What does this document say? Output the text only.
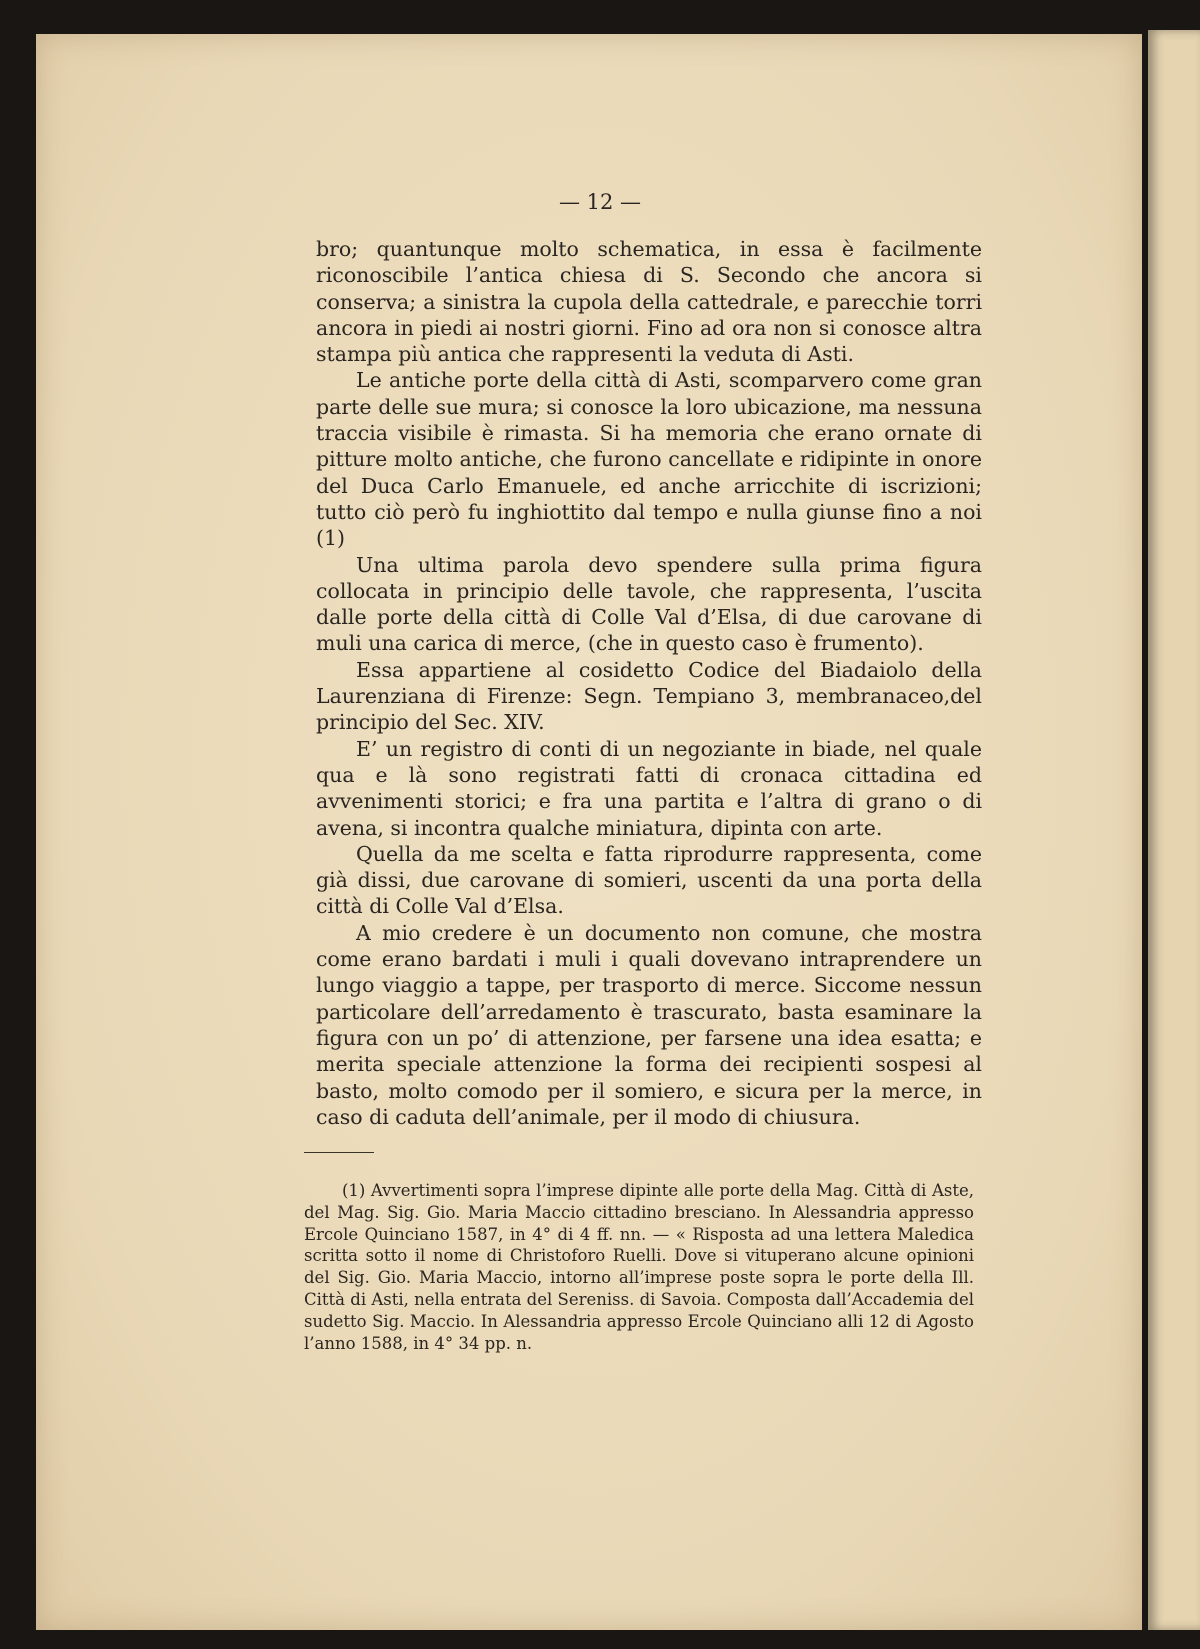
— 12 —

bro; quantunque molto schematica, in essa è facilmente riconoscibile l’antica chiesa di S. Secondo che ancora si conserva; a sinistra la cupola della cattedrale, e parecchie torri ancora in piedi ai nostri giorni. Fino ad ora non si conosce altra stampa più antica che rappresenti la veduta di Asti.

Le antiche porte della città di Asti, scomparvero come gran parte delle sue mura; si conosce la loro ubicazione, ma nessuna traccia visibile è rimasta. Si ha memoria che erano ornate di pitture molto antiche, che furono cancellate e ridipinte in onore del Duca Carlo Emanuele, ed anche arricchite di iscrizioni; tutto ciò però fu inghiottito dal tempo e nulla giunse fino a noi (1)

Una ultima parola devo spendere sulla prima figura collocata in principio delle tavole, che rappresenta, l’uscita dalle porte della città di Colle Val d’Elsa, di due carovane di muli una carica di merce, (che in questo caso è frumento).

Essa appartiene al cosidetto Codice del Biadaiolo della Laurenziana di Firenze: Segn. Tempiano 3, membranaceo,del principio del Sec. XIV.

E’ un registro di conti di un negoziante in biade, nel quale qua e là sono registrati fatti di cronaca cittadina ed avvenimenti storici; e fra una partita e l’altra di grano o di avena, si incontra qualche miniatura, dipinta con arte.

Quella da me scelta e fatta riprodurre rappresenta, come già dissi, due carovane di somieri, uscenti da una porta della città di Colle Val d’Elsa.

A mio credere è un documento non comune, che mostra come erano bardati i muli i quali dovevano intraprendere un lungo viaggio a tappe, per trasporto di merce. Siccome nessun particolare dell’arredamento è trascurato, basta esaminare la figura con un po’ di attenzione, per farsene una idea esatta; e merita speciale attenzione la forma dei recipienti sospesi al basto, molto comodo per il somiero, e sicura per la merce, in caso di caduta dell’animale, per il modo di chiusura.

(1) Avvertimenti sopra l’imprese dipinte alle porte della Mag. Città di Aste, del Mag. Sig. Gio. Maria Maccio cittadino bresciano. In Alessandria appresso Ercole Quinciano 1587, in 4° di 4 ff. nn. — « Risposta ad una lettera Maledica scritta sotto il nome di Christoforo Ruelli. Dove si vituperano alcune opinioni del Sig. Gio. Maria Maccio, intorno all’imprese poste sopra le porte della Ill. Città di Asti, nella entrata del Sereniss. di Savoia. Composta dall’Accademia del sudetto Sig. Maccio. In Alessandria appresso Ercole Quinciano alli 12 di Agosto l’anno 1588, in 4° 34 pp. n.
